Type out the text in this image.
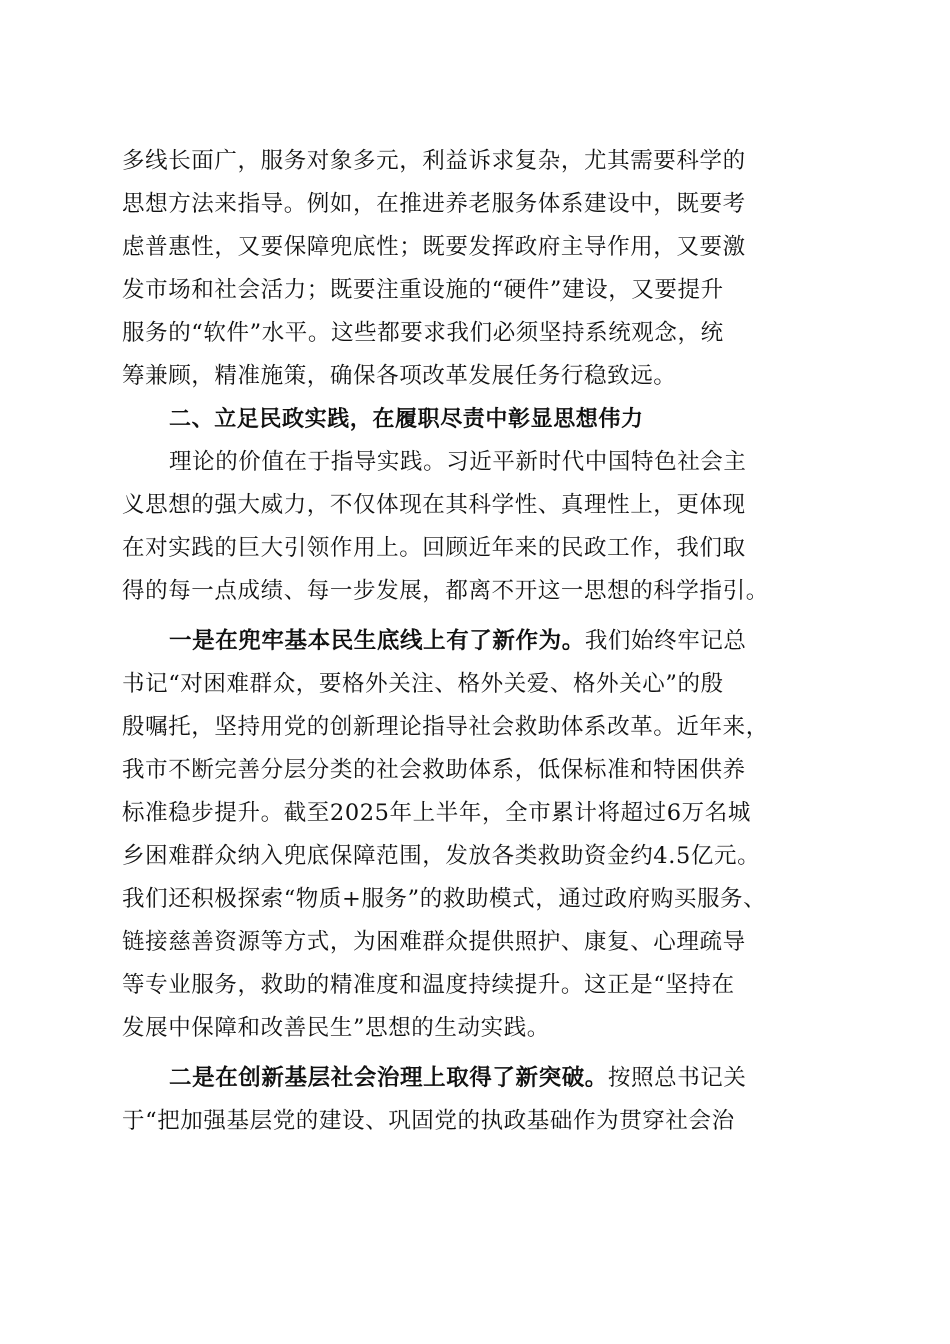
多线长面广，服务对象多元，利益诉求复杂，尤其需要科学的
思想方法来指导。例如，在推进养老服务体系建设中，既要考
虑普惠性，又要保障兜底性；既要发挥政府主导作用，又要激
发市场和社会活力；既要注重设施的“硬件”建设，又要提升
服务的“软件”水平。这些都要求我们必须坚持系统观念，统
筹兼顾，精准施策，确保各项改革发展任务行稳致远。
二、立足民政实践，在履职尽责中彰显思想伟力
理论的价值在于指导实践。习近平新时代中国特色社会主
义思想的强大威力，不仅体现在其科学性、真理性上，更体现
在对实践的巨大引领作用上。回顾近年来的民政工作，我们取
得的每一点成绩、每一步发展，都离不开这一思想的科学指引。
一是在兜牢基本民生底线上有了新作为。我们始终牢记总
书记“对困难群众，要格外关注、格外关爱、格外关心”的殷
殷嘱托，坚持用党的创新理论指导社会救助体系改革。近年来，
我市不断完善分层分类的社会救助体系，低保标准和特困供养
标准稳步提升。截至2025年上半年，全市累计将超过6万名城
乡困难群众纳入兜底保障范围，发放各类救助资金约4.5亿元。
我们还积极探索“物质+服务”的救助模式，通过政府购买服务、
链接慈善资源等方式，为困难群众提供照护、康复、心理疏导
等专业服务，救助的精准度和温度持续提升。这正是“坚持在
发展中保障和改善民生”思想的生动实践。
二是在创新基层社会治理上取得了新突破。按照总书记关
于“把加强基层党的建设、巩固党的执政基础作为贯穿社会治
